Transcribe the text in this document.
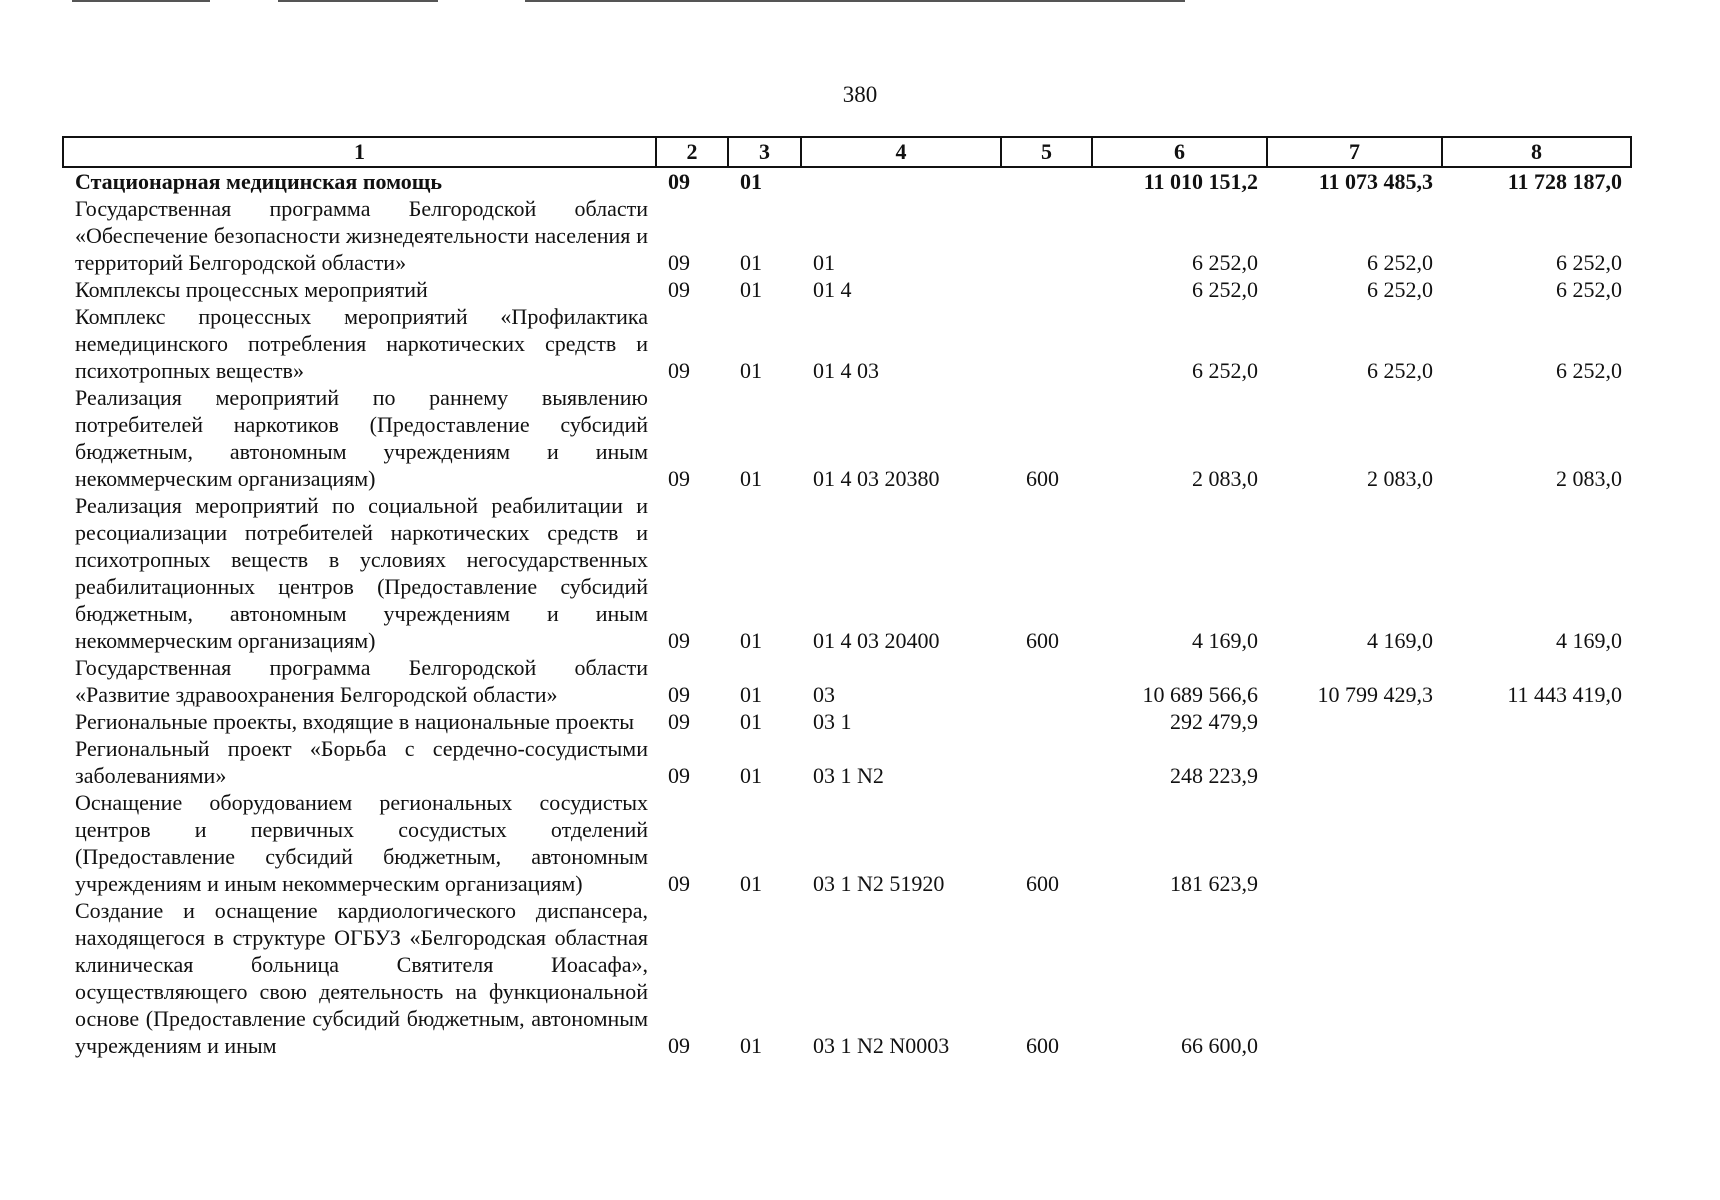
380
1	2	3	4	5	6	7	8
Стационарная медицинская помощь	09	01			11 010 151,2	11 073 485,3	11 728 187,0
Государственная программа Белгородской области «Обеспечение безопасности жизнедеятельности населения и территорий Белгородской области»	09	01	01		6 252,0	6 252,0	6 252,0
Комплексы процессных мероприятий	09	01	01 4		6 252,0	6 252,0	6 252,0
Комплекс процессных мероприятий «Профилактика немедицинского потребления наркотических средств и психотропных веществ»	09	01	01 4 03		6 252,0	6 252,0	6 252,0
Реализация мероприятий по раннему выявлению потребителей наркотиков (Предоставление субсидий бюджетным, автономным учреждениям и иным некоммерческим организациям)	09	01	01 4 03 20380	600	2 083,0	2 083,0	2 083,0
Реализация мероприятий по социальной реабилитации и ресоциализации потребителей наркотических средств и психотропных веществ в условиях негосударственных реабилитационных центров (Предоставление субсидий бюджетным, автономным учреждениям и иным некоммерческим организациям)	09	01	01 4 03 20400	600	4 169,0	4 169,0	4 169,0
Государственная программа Белгородской области «Развитие здравоохранения Белгородской области»	09	01	03		10 689 566,6	10 799 429,3	11 443 419,0
Региональные проекты, входящие в национальные проекты	09	01	03 1		292 479,9		
Региональный проект «Борьба с сердечно-сосудистыми заболеваниями»	09	01	03 1 N2		248 223,9		
Оснащение оборудованием региональных сосудистых центров и первичных сосудистых отделений (Предоставление субсидий бюджетным, автономным учреждениям и иным некоммерческим организациям)	09	01	03 1 N2 51920	600	181 623,9		
Создание и оснащение кардиологического диспансера, находящегося в структуре ОГБУЗ «Белгородская областная клиническая больница Святителя Иоасафа», осуществляющего свою деятельность на функциональной основе (Предоставление субсидий бюджетным, автономным учреждениям и иным	09	01	03 1 N2 N0003	600	66 600,0		
